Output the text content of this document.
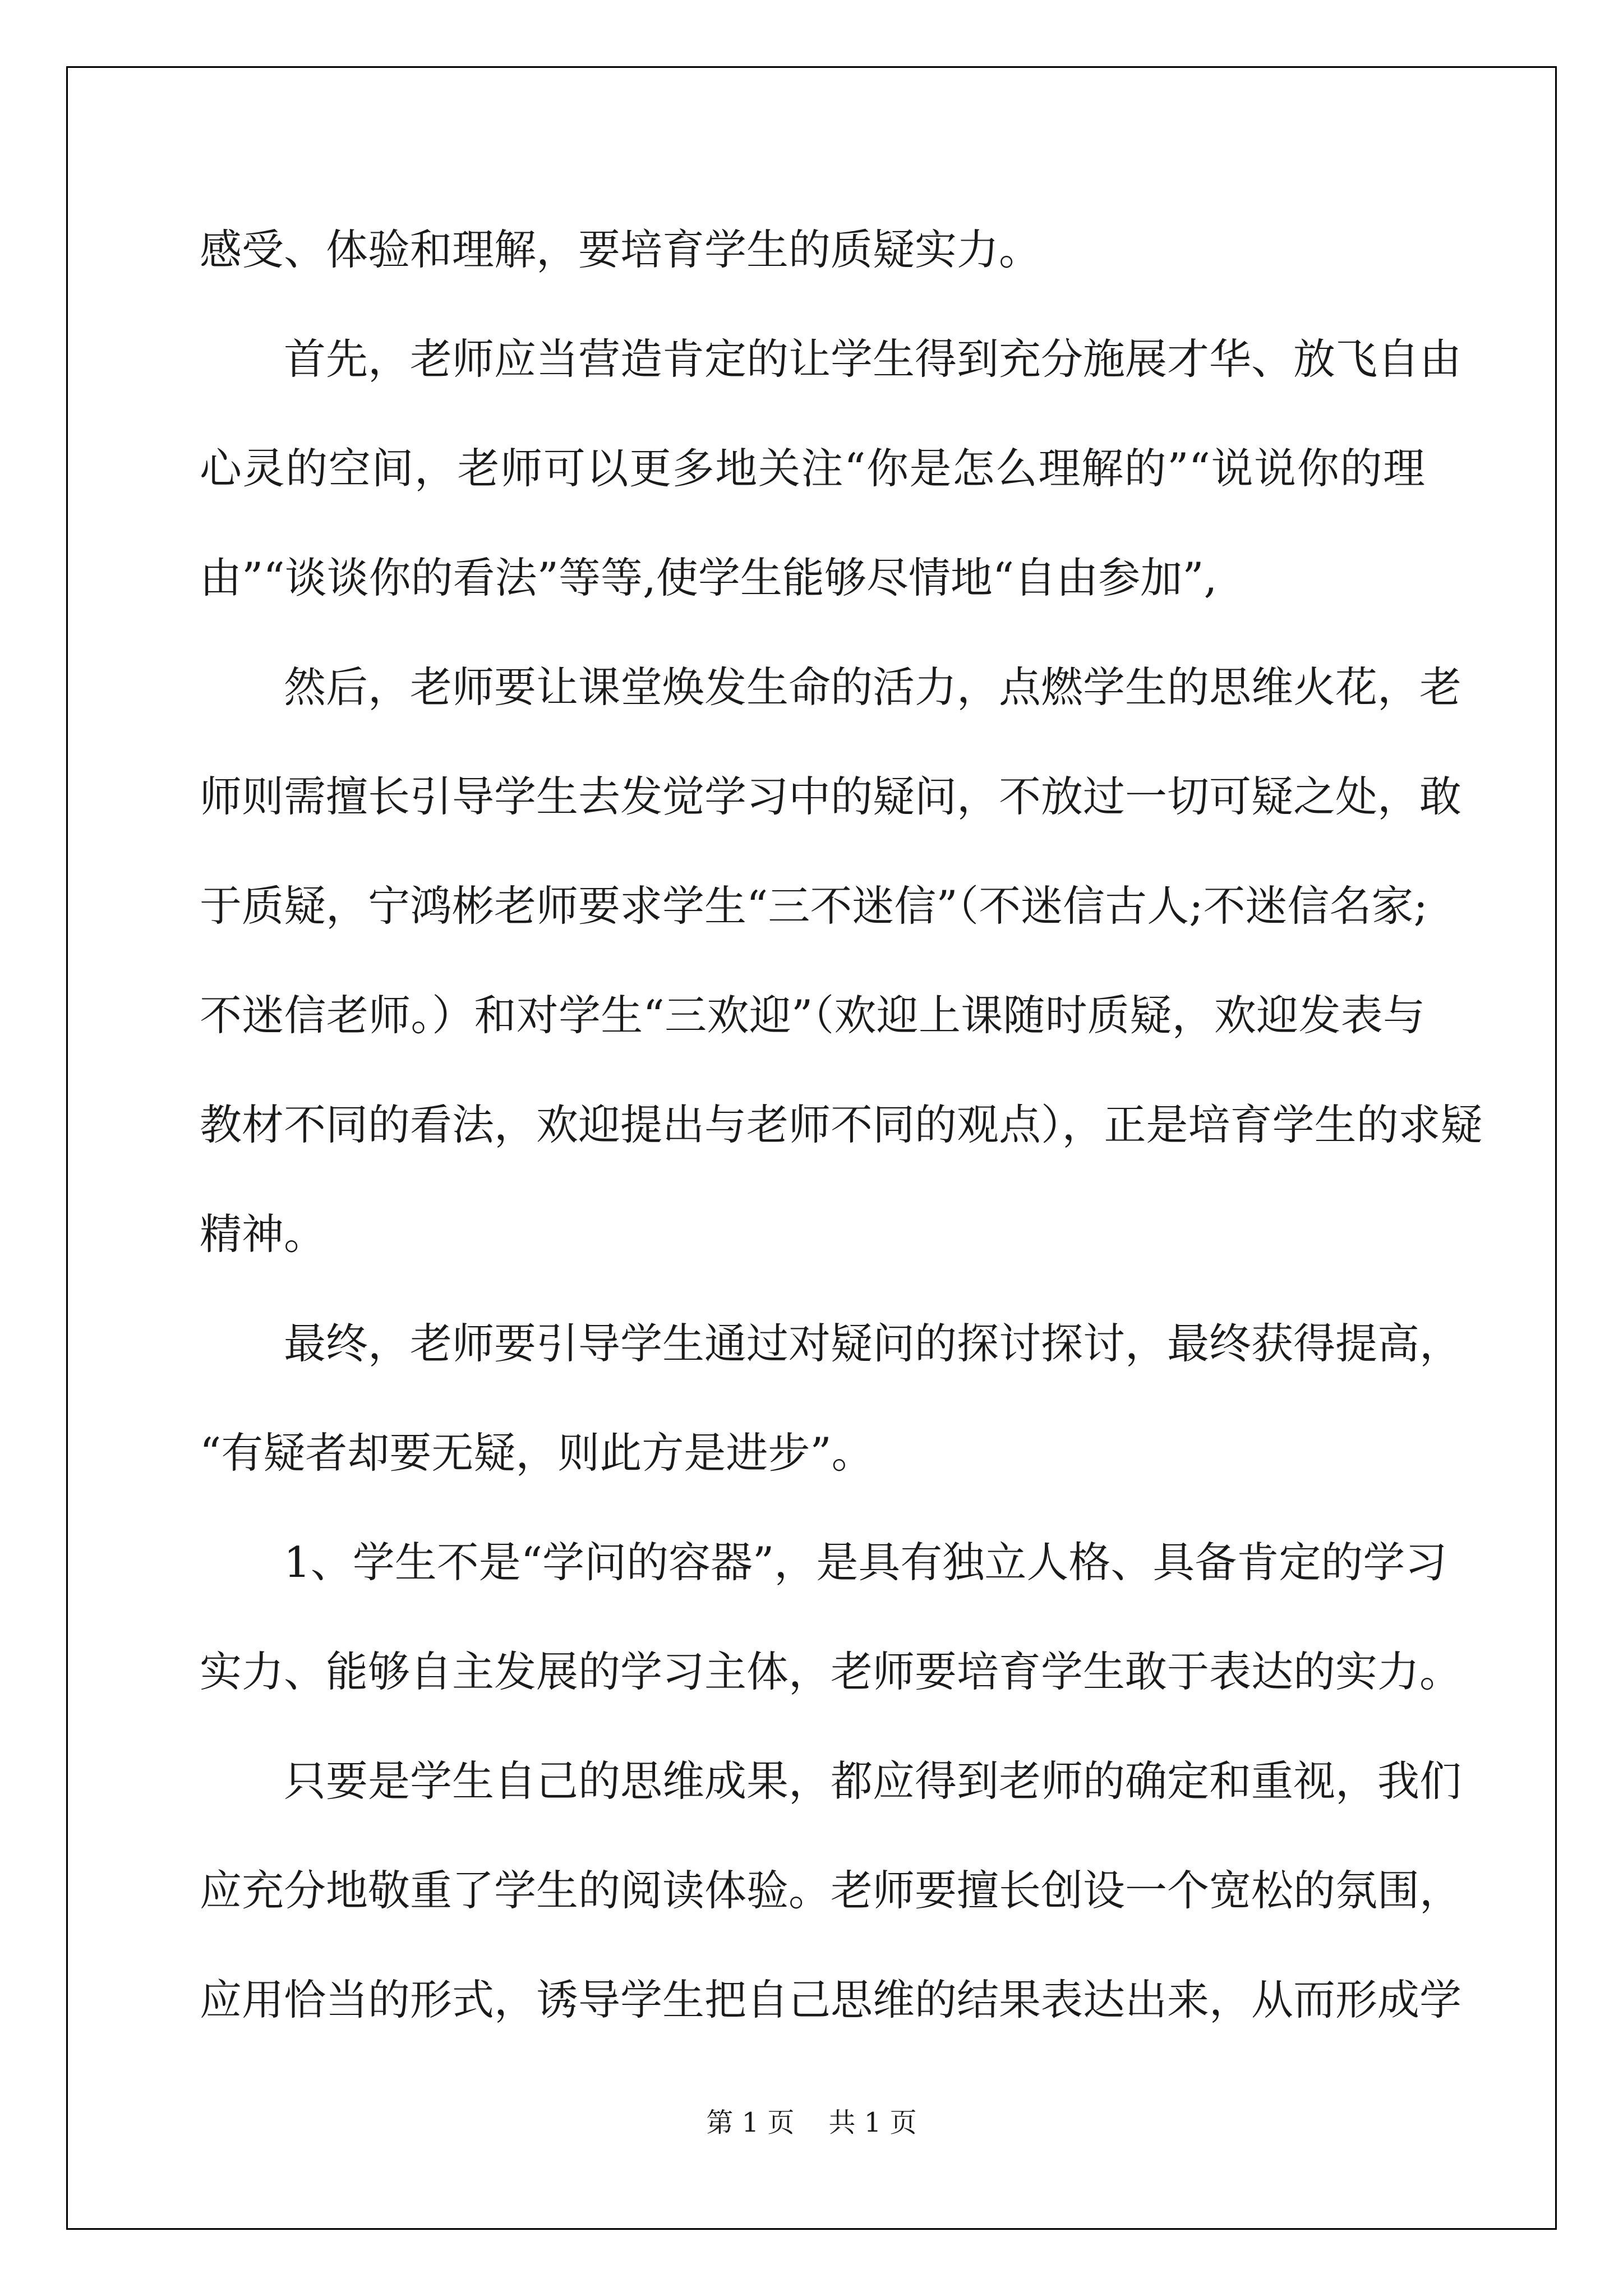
感受、体验和理解，要培育学生的质疑实力。
首先，老师应当营造肯定的让学生得到充分施展才华、放飞自由
心灵的空间，老师可以更多地关注“你是怎么理解的”“说说你的理
由”“谈谈你的看法”等等,使学生能够尽情地“自由参加”,
然后，老师要让课堂焕发生命的活力，点燃学生的思维火花，老
师则需擅长引导学生去发觉学习中的疑问，不放过一切可疑之处，敢
于质疑，宁鸿彬老师要求学生“三不迷信”（不迷信古人;不迷信名家;
不迷信老师。）和对学生“三欢迎”（欢迎上课随时质疑，欢迎发表与
教材不同的看法，欢迎提出与老师不同的观点），正是培育学生的求疑
精神。
最终，老师要引导学生通过对疑问的探讨探讨，最终获得提高，
“有疑者却要无疑，则此方是进步”。
1、学生不是“学问的容器”，是具有独立人格、具备肯定的学习
实力、能够自主发展的学习主体，老师要培育学生敢于表达的实力。
只要是学生自己的思维成果，都应得到老师的确定和重视，我们
应充分地敬重了学生的阅读体验。老师要擅长创设一个宽松的氛围，
应用恰当的形式，诱导学生把自己思维的结果表达出来，从而形成学
第 1 页    共 1 页
